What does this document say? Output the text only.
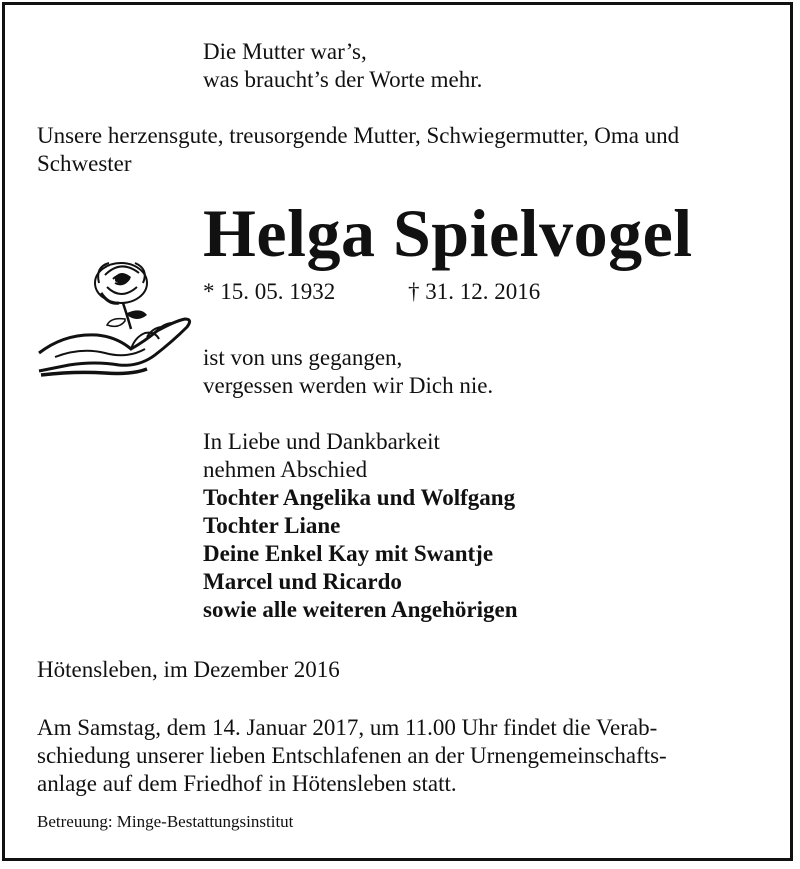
Die Mutter war’s,
was braucht’s der Worte mehr.
Unsere herzensgute, treusorgende Mutter, Schwiegermutter, Oma und
Schwester
Helga Spielvogel
* 15. 05. 1932	† 31. 12. 2016
ist von uns gegangen,
vergessen werden wir Dich nie.
In Liebe und Dankbarkeit
nehmen Abschied
Tochter Angelika und Wolfgang
Tochter Liane
Deine Enkel Kay mit Swantje
Marcel und Ricardo
sowie alle weiteren Angehörigen
Hötensleben, im Dezember 2016
Am Samstag, dem 14. Januar 2017, um 11.00 Uhr findet die Verab-
schiedung unserer lieben Entschlafenen an der Urnengemeinschafts-
anlage auf dem Friedhof in Hötensleben statt.
Betreuung: Minge-Bestattungsinstitut
